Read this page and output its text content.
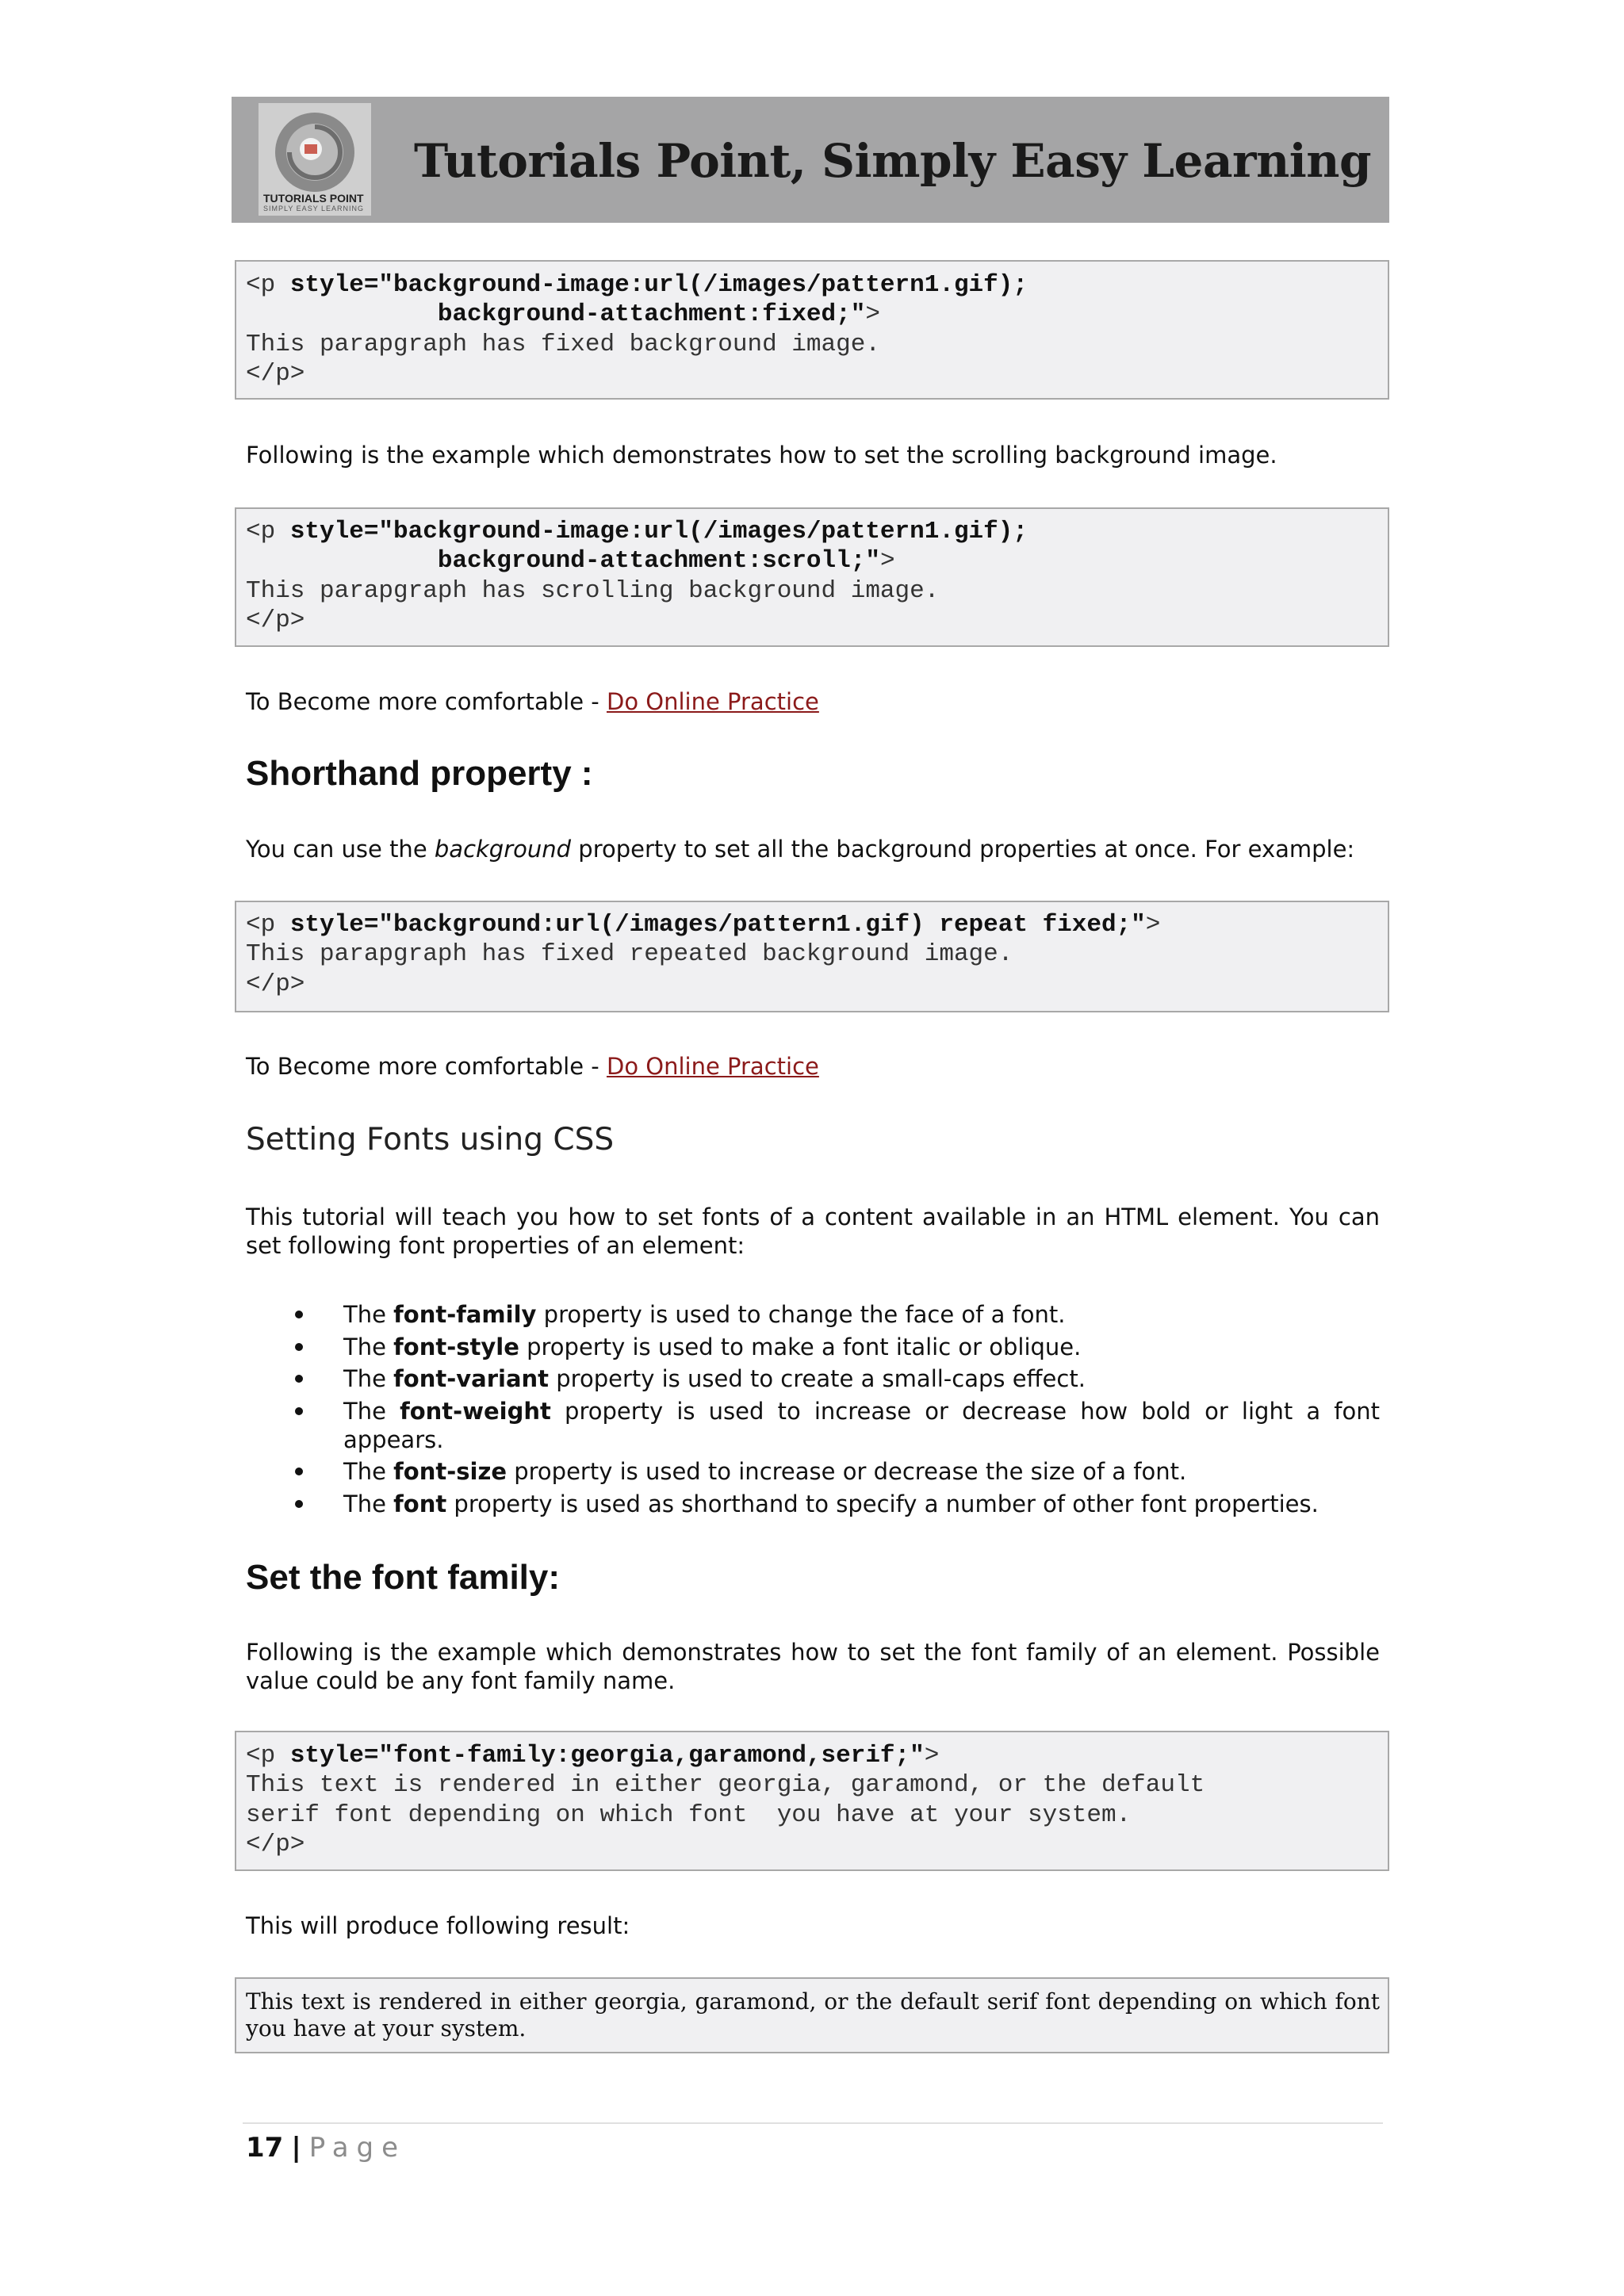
TUTORIALS POINT
SIMPLY EASY LEARNING
Tutorials Point, Simply Easy Learning
<p style="background-image:url(/images/pattern1.gif);
background-attachment:fixed;">
This parapgraph has fixed background image.
</p>
Following is the example which demonstrates how to set the scrolling background image.
<p style="background-image:url(/images/pattern1.gif);
background-attachment:scroll;">
This parapgraph has scrolling background image.
</p>
To Become more comfortable - Do Online Practice
Shorthand property :
You can use the background property to set all the background properties at once. For example:
<p style="background:url(/images/pattern1.gif) repeat fixed;">
This parapgraph has fixed repeated background image.
</p>
To Become more comfortable - Do Online Practice
Setting Fonts using CSS
This tutorial will teach you how to set fonts of a content available in an HTML element. You can set following font properties of an element:
The font-family property is used to change the face of a font.
The font-style property is used to make a font italic or oblique.
The font-variant property is used to create a small-caps effect.
The font-weight property is used to increase or decrease how bold or light a font appears.
The font-size property is used to increase or decrease the size of a font.
The font property is used as shorthand to specify a number of other font properties.
Set the font family:
Following is the example which demonstrates how to set the font family of an element. Possible value could be any font family name.
<p style="font-family:georgia,garamond,serif;">
This text is rendered in either georgia, garamond, or the default
serif font depending on which font  you have at your system.
</p>
This will produce following result:
This text is rendered in either georgia, garamond, or the default serif font depending on which font you have at your system.
17 | Page
